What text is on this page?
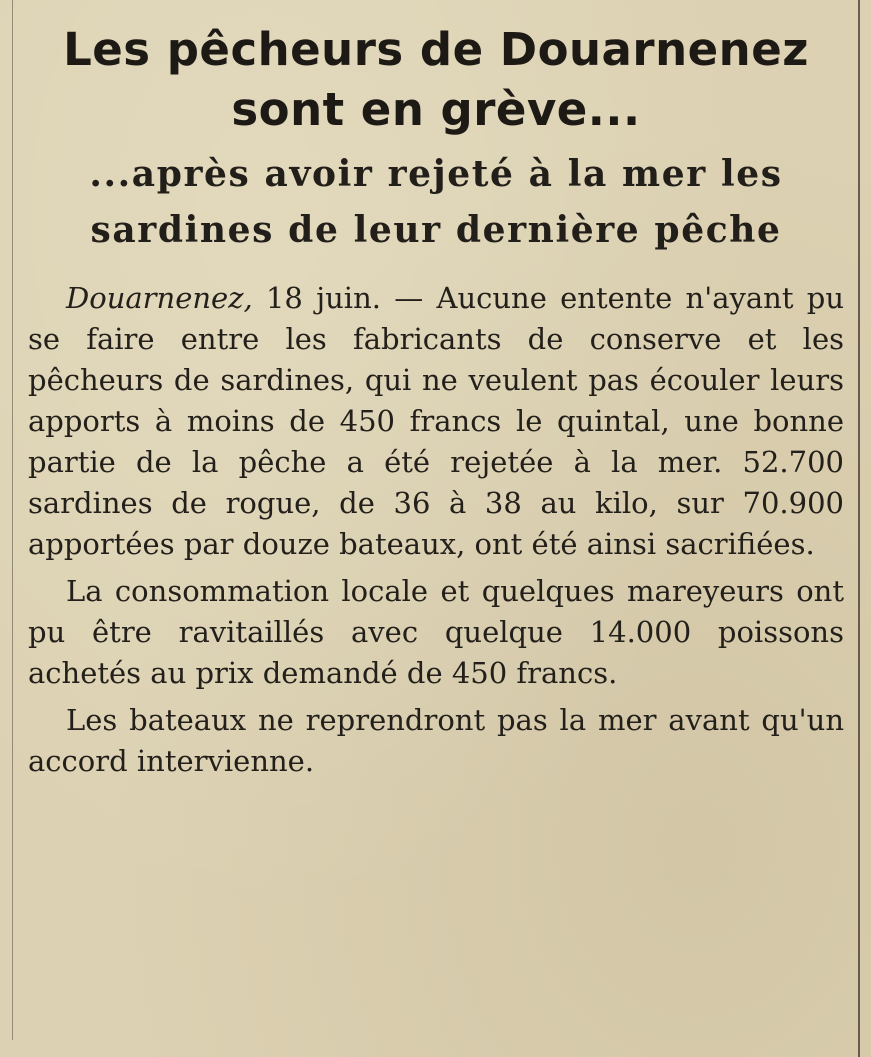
Les pêcheurs de Douarnenez sont en grève...
...après avoir rejeté à la mer les sardines de leur dernière pêche

Douarnenez, 18 juin. — Aucune entente n'ayant pu se faire entre les fabricants de conserve et les pêcheurs de sardines, qui ne veulent pas écouler leurs apports à moins de 450 francs le quintal, une bonne partie de la pêche a été rejetée à la mer. 52.700 sardines de rogue, de 36 à 38 au kilo, sur 70.900 apportées par douze bateaux, ont été ainsi sacrifiées.

La consommation locale et quelques mareyeurs ont pu être ravitaillés avec quelque 14.000 poissons achetés au prix demandé de 450 francs.

Les bateaux ne reprendront pas la mer avant qu'un accord intervienne.
